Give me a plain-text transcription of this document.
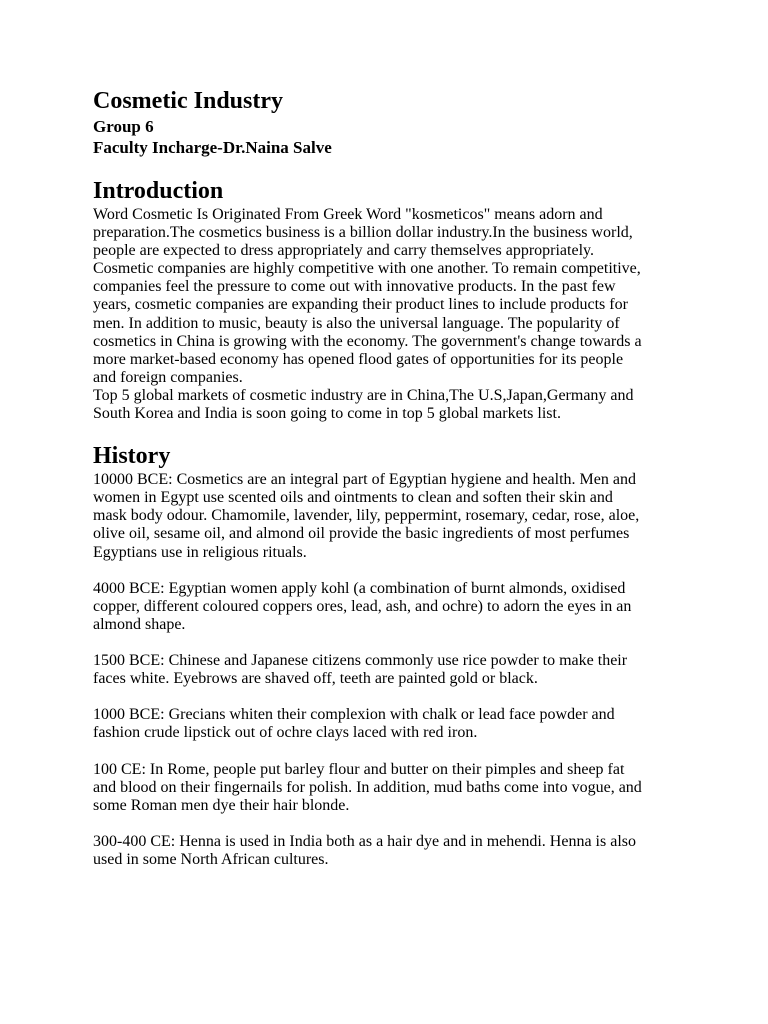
Cosmetic Industry
Group 6
Faculty Incharge-Dr.Naina Salve
Introduction

Word Cosmetic Is Originated From Greek Word "kosmeticos" means adorn and
preparation.The cosmetics business is a billion dollar industry.In the business world,
people are expected to dress appropriately and carry themselves appropriately.
Cosmetic companies are highly competitive with one another. To remain competitive,
companies feel the pressure to come out with innovative products. In the past few
years, cosmetic companies are expanding their product lines to include products for
men. In addition to music, beauty is also the universal language. The popularity of
cosmetics in China is growing with the economy. The government's change towards a
more market-based economy has opened flood gates of opportunities for its people
and foreign companies.

Top 5 global markets of cosmetic industry are in China,The U.S,Japan,Germany and
South Korea and India is soon going to come in top 5 global markets list.

History

10000 BCE: Cosmetics are an integral part of Egyptian hygiene and health. Men and
women in Egypt use scented oils and ointments to clean and soften their skin and
mask body odour. Chamomile, lavender, lily, peppermint, rosemary, cedar, rose, aloe,
olive oil, sesame oil, and almond oil provide the basic ingredients of most perfumes
Egyptians use in religious rituals.

4000 BCE: Egyptian women apply kohl (a combination of burnt almonds, oxidised
copper, different coloured coppers ores, lead, ash, and ochre) to adorn the eyes in an
almond shape.

1500 BCE: Chinese and Japanese citizens commonly use rice powder to make their
faces white. Eyebrows are shaved off, teeth are painted gold or black.

1000 BCE: Grecians whiten their complexion with chalk or lead face powder and
fashion crude lipstick out of ochre clays laced with red iron.

100 CE: In Rome, people put barley flour and butter on their pimples and sheep fat
and blood on their fingernails for polish. In addition, mud baths come into vogue, and
some Roman men dye their hair blonde.

300-400 CE: Henna is used in India both as a hair dye and in mehendi. Henna is also
used in some North African cultures.
